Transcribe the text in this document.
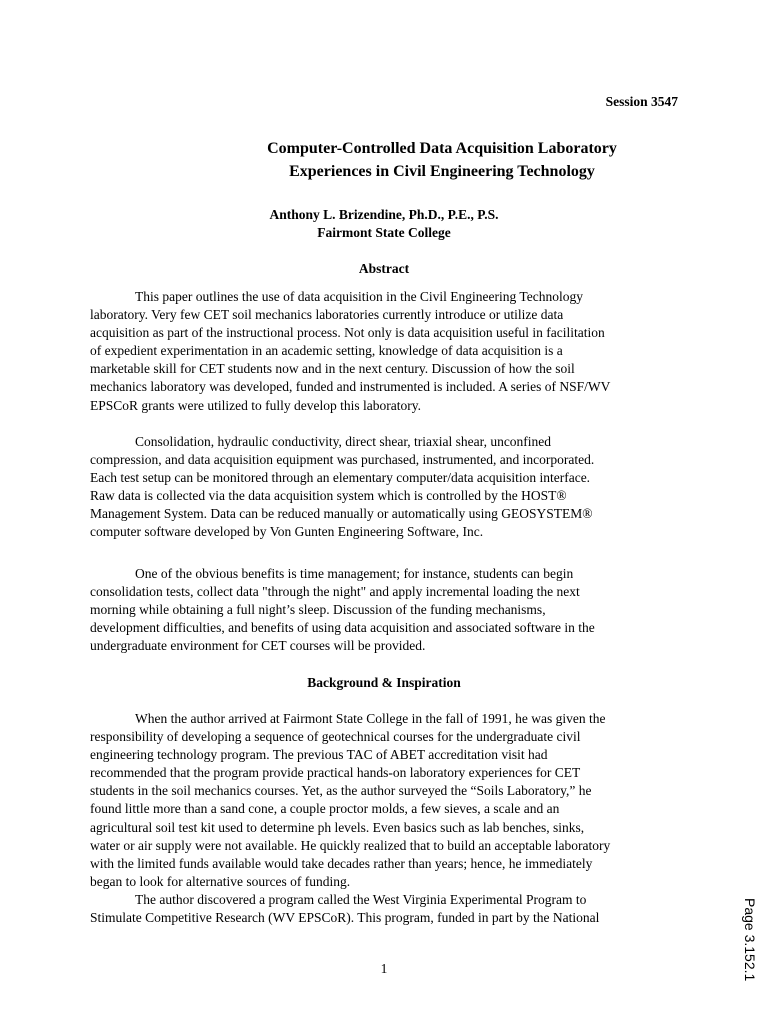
Session 3547
Computer-Controlled Data Acquisition Laboratory
Experiences in Civil Engineering Technology
Anthony L. Brizendine, Ph.D., P.E., P.S.
Fairmont State College
Abstract
This paper outlines the use of data acquisition in the Civil Engineering Technology
laboratory. Very few CET soil mechanics laboratories currently introduce or utilize data
acquisition as part of the instructional process. Not only is data acquisition useful in facilitation
of expedient experimentation in an academic setting, knowledge of data acquisition is a
marketable skill for CET students now and in the next century. Discussion of how the soil
mechanics laboratory was developed, funded and instrumented is included. A series of NSF/WV
EPSCoR grants were utilized to fully develop this laboratory.
Consolidation, hydraulic conductivity, direct shear, triaxial shear, unconfined
compression, and data acquisition equipment was purchased, instrumented, and incorporated.
Each test setup can be monitored through an elementary computer/data acquisition interface.
Raw data is collected via the data acquisition system which is controlled by the HOST®
Management System. Data can be reduced manually or automatically using GEOSYSTEM®
computer software developed by Von Gunten Engineering Software, Inc.
One of the obvious benefits is time management; for instance, students can begin
consolidation tests, collect data "through the night" and apply incremental loading the next
morning while obtaining a full night’s sleep. Discussion of the funding mechanisms,
development difficulties, and benefits of using data acquisition and associated software in the
undergraduate environment for CET courses will be provided.
Background & Inspiration
When the author arrived at Fairmont State College in the fall of 1991, he was given the
responsibility of developing a sequence of geotechnical courses for the undergraduate civil
engineering technology program. The previous TAC of ABET accreditation visit had
recommended that the program provide practical hands-on laboratory experiences for CET
students in the soil mechanics courses. Yet, as the author surveyed the “Soils Laboratory,” he
found little more than a sand cone, a couple proctor molds, a few sieves, a scale and an
agricultural soil test kit used to determine ph levels. Even basics such as lab benches, sinks,
water or air supply were not available. He quickly realized that to build an acceptable laboratory
with the limited funds available would take decades rather than years; hence, he immediately
began to look for alternative sources of funding.
The author discovered a program called the West Virginia Experimental Program to
Stimulate Competitive Research (WV EPSCoR). This program, funded in part by the National
1	Page 3.152.1
